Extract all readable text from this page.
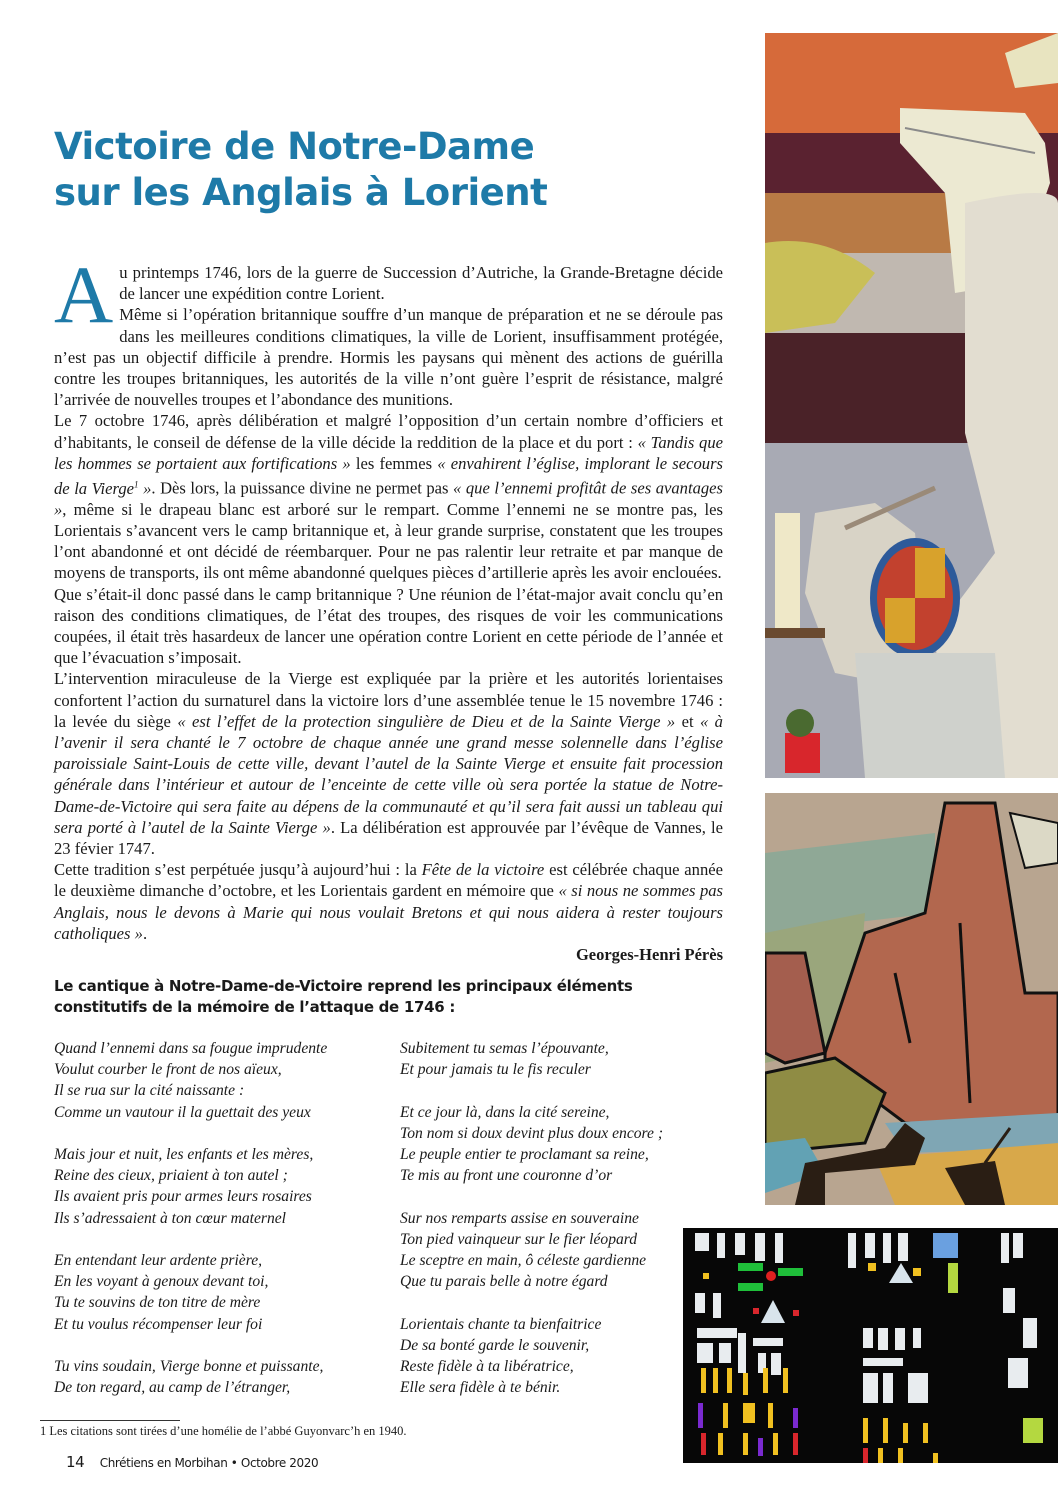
Victoire de Notre-Dame
sur les Anglais à Lorient

Au printemps 1746, lors de la guerre de Succession d’Autriche, la Grande-Bretagne décide de lancer une expédition contre Lorient.

Même si l’opération britannique souffre d’un manque de préparation et ne se déroule pas dans les meilleures conditions climatiques, la ville de Lorient, insuffisamment protégée, n’est pas un objectif difficile à prendre. Hormis les paysans qui mènent des actions de guérilla contre les troupes britanniques, les autorités de la ville n’ont guère l’esprit de résistance, malgré l’arrivée de nouvelles troupes et l’abondance des munitions.

Le 7 octobre 1746, après délibération et malgré l’opposition d’un certain nombre d’officiers et d’habitants, le conseil de défense de la ville décide la reddition de la place et du port : « Tandis que les hommes se portaient aux fortifications » les femmes « envahirent l’église, implorant le secours de la Vierge$^1$ ». Dès lors, la puissance divine ne permet pas « que l’ennemi profitât de ses avantages », même si le drapeau blanc est arboré sur le rempart. Comme l’ennemi ne se montre pas, les Lorientais s’avancent vers le camp britannique et, à leur grande surprise, constatent que les troupes l’ont abandonné et ont décidé de réembarquer. Pour ne pas ralentir leur retraite et par manque de moyens de transports, ils ont même abandonné quelques pièces d’artillerie après les avoir enclouées.

Que s’était-il donc passé dans le camp britannique ? Une réunion de l’état-major avait conclu qu’en raison des conditions climatiques, de l’état des troupes, des risques de voir les communications coupées, il était très hasardeux de lancer une opération contre Lorient en cette période de l’année et que l’évacuation s’imposait.

L’intervention miraculeuse de la Vierge est expliquée par la prière et les autorités lorientaises confortent l’action du surnaturel dans la victoire lors d’une assemblée tenue le 15 novembre 1746 : la levée du siège « est l’effet de la protection singulière de Dieu et de la Sainte Vierge » et « à l’avenir il sera chanté le 7 octobre de chaque année une grand messe solennelle dans l’église paroissiale Saint-Louis de cette ville, devant l’autel de la Sainte Vierge et ensuite fait procession générale dans l’intérieur et autour de l’enceinte de cette ville où sera portée la statue de Notre-Dame-de-Victoire qui sera faite au dépens de la communauté et qu’il sera fait aussi un tableau qui sera porté à l’autel de la Sainte Vierge ». La délibération est approuvée par l’évêque de Vannes, le 23 févier 1747.

Cette tradition s’est perpétuée jusqu’à aujourd’hui : la Fête de la victoire est célébrée chaque année le deuxième dimanche d’octobre, et les Lorientais gardent en mémoire que « si nous ne sommes pas Anglais, nous le devons à Marie qui nous voulait Bretons et qui nous aidera à rester toujours catholiques ».

Georges-Henri Pérès
Le cantique à Notre-Dame-de-Victoire reprend les principaux éléments constitutifs de la mémoire de l’attaque de 1746 :
Quand l’ennemi dans sa fougue imprudente
Voulut courber le front de nos aïeux,
Il se rua sur la cité naissante :
Comme un vautour il la guettait des yeux
Mais jour et nuit, les enfants et les mères,
Reine des cieux, priaient à ton autel ;
Ils avaient pris pour armes leurs rosaires
Ils s’adressaient à ton cœur maternel
En entendant leur ardente prière,
En les voyant à genoux devant toi,
Tu te souvins de ton titre de mère
Et tu voulus récompenser leur foi
Tu vins soudain, Vierge bonne et puissante,
De ton regard, au camp de l’étranger,
Subitement tu semas l’épouvante,
Et pour jamais tu le fis reculer
Et ce jour là, dans la cité sereine,
Ton nom si doux devint plus doux encore ;
Le peuple entier te proclamant sa reine,
Te mis au front une couronne d’or
Sur nos remparts assise en souveraine
Ton pied vainqueur sur le fier léopard
Le sceptre en main, ô céleste gardienne
Que tu parais belle à notre égard
Lorientais chante ta bienfaitrice
De sa bonté garde le souvenir,
Reste fidèle à ta libératrice,
Elle sera fidèle à te bénir.
1 Les citations sont tirées d’une homélie de l’abbé Guyonvarc’h en 1940.
14 Chrétiens en Morbihan • Octobre 2020
